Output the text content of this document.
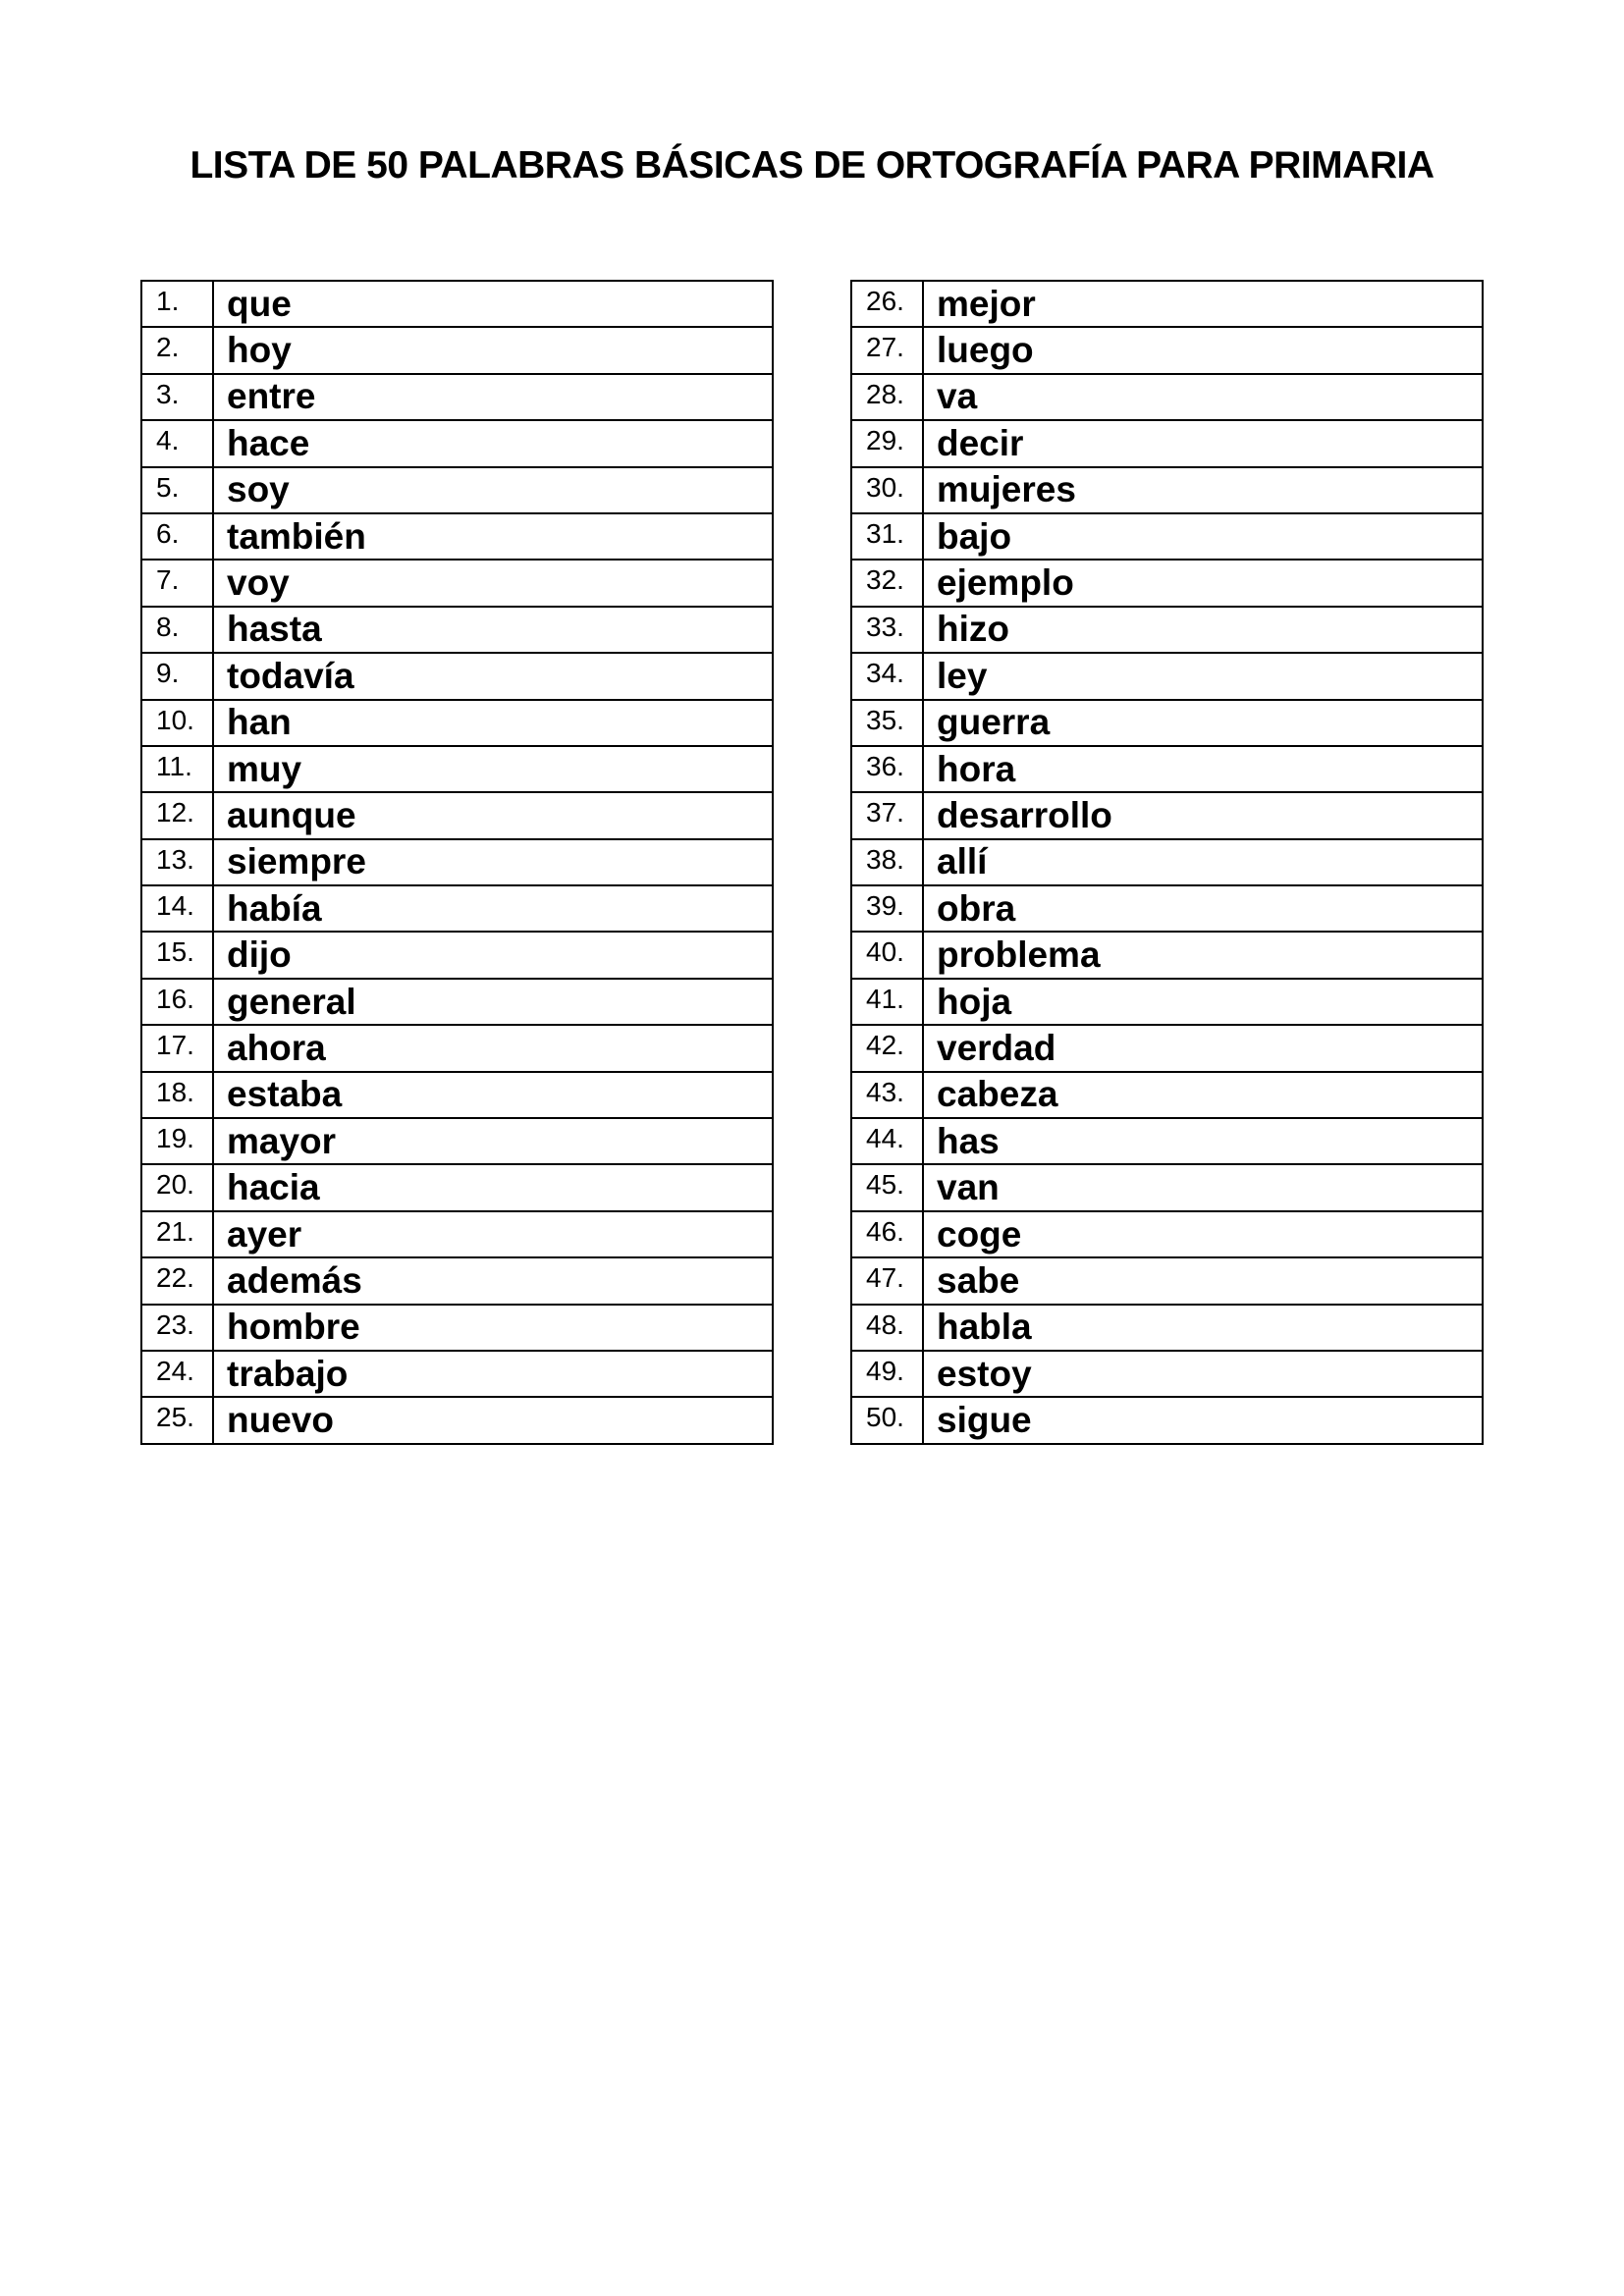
LISTA DE 50 PALABRAS BÁSICAS DE ORTOGRAFÍA PARA PRIMARIA
1.	que
2.	hoy
3.	entre
4.	hace
5.	soy
6.	también
7.	voy
8.	hasta
9.	todavía
10.	han
11.	muy
12.	aunque
13.	siempre
14.	había
15.	dijo
16.	general
17.	ahora
18.	estaba
19.	mayor
20.	hacia
21.	ayer
22.	además
23.	hombre
24.	trabajo
25.	nuevo
26.	mejor
27.	luego
28.	va
29.	decir
30.	mujeres
31.	bajo
32.	ejemplo
33.	hizo
34.	ley
35.	guerra
36.	hora
37.	desarrollo
38.	allí
39.	obra
40.	problema
41.	hoja
42.	verdad
43.	cabeza
44.	has
45.	van
46.	coge
47.	sabe
48.	habla
49.	estoy
50.	sigue
